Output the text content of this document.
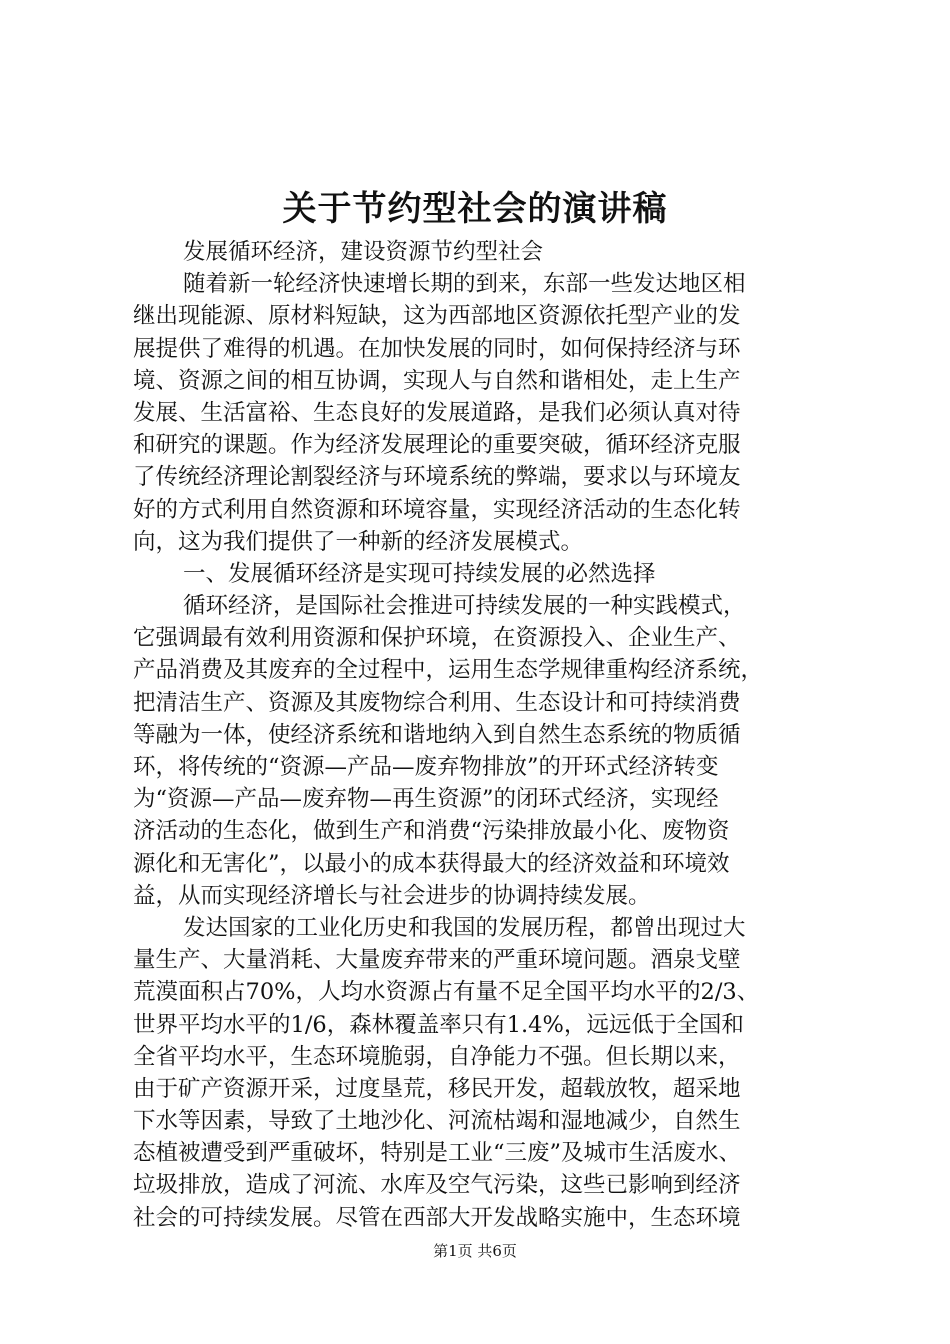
关于节约型社会的演讲稿
发展循环经济，建设资源节约型社会
随着新一轮经济快速增长期的到来，东部一些发达地区相
继出现能源、原材料短缺，这为西部地区资源依托型产业的发
展提供了难得的机遇。在加快发展的同时，如何保持经济与环
境、资源之间的相互协调，实现人与自然和谐相处，走上生产
发展、生活富裕、生态良好的发展道路，是我们必须认真对待
和研究的课题。作为经济发展理论的重要突破，循环经济克服
了传统经济理论割裂经济与环境系统的弊端，要求以与环境友
好的方式利用自然资源和环境容量，实现经济活动的生态化转
向，这为我们提供了一种新的经济发展模式。
一、发展循环经济是实现可持续发展的必然选择
循环经济，是国际社会推进可持续发展的一种实践模式，
它强调最有效利用资源和保护环境，在资源投入、企业生产、
产品消费及其废弃的全过程中，运用生态学规律重构经济系统，
把清洁生产、资源及其废物综合利用、生态设计和可持续消费
等融为一体，使经济系统和谐地纳入到自然生态系统的物质循
环，将传统的“资源—产品—废弃物排放”的开环式经济转变
为“资源—产品—废弃物—再生资源”的闭环式经济，实现经
济活动的生态化，做到生产和消费“污染排放最小化、废物资
源化和无害化”，以最小的成本获得最大的经济效益和环境效
益，从而实现经济增长与社会进步的协调持续发展。
发达国家的工业化历史和我国的发展历程，都曾出现过大
量生产、大量消耗、大量废弃带来的严重环境问题。酒泉戈壁
荒漠面积占70%，人均水资源占有量不足全国平均水平的2/3、
世界平均水平的1/6，森林覆盖率只有1.4%，远远低于全国和
全省平均水平，生态环境脆弱，自净能力不强。但长期以来，
由于矿产资源开采，过度垦荒，移民开发，超载放牧，超采地
下水等因素，导致了土地沙化、河流枯竭和湿地减少，自然生
态植被遭受到严重破坏，特别是工业“三废”及城市生活废水、
垃圾排放，造成了河流、水库及空气污染，这些已影响到经济
社会的可持续发展。尽管在西部大开发战略实施中，生态环境
第1页 共6页
